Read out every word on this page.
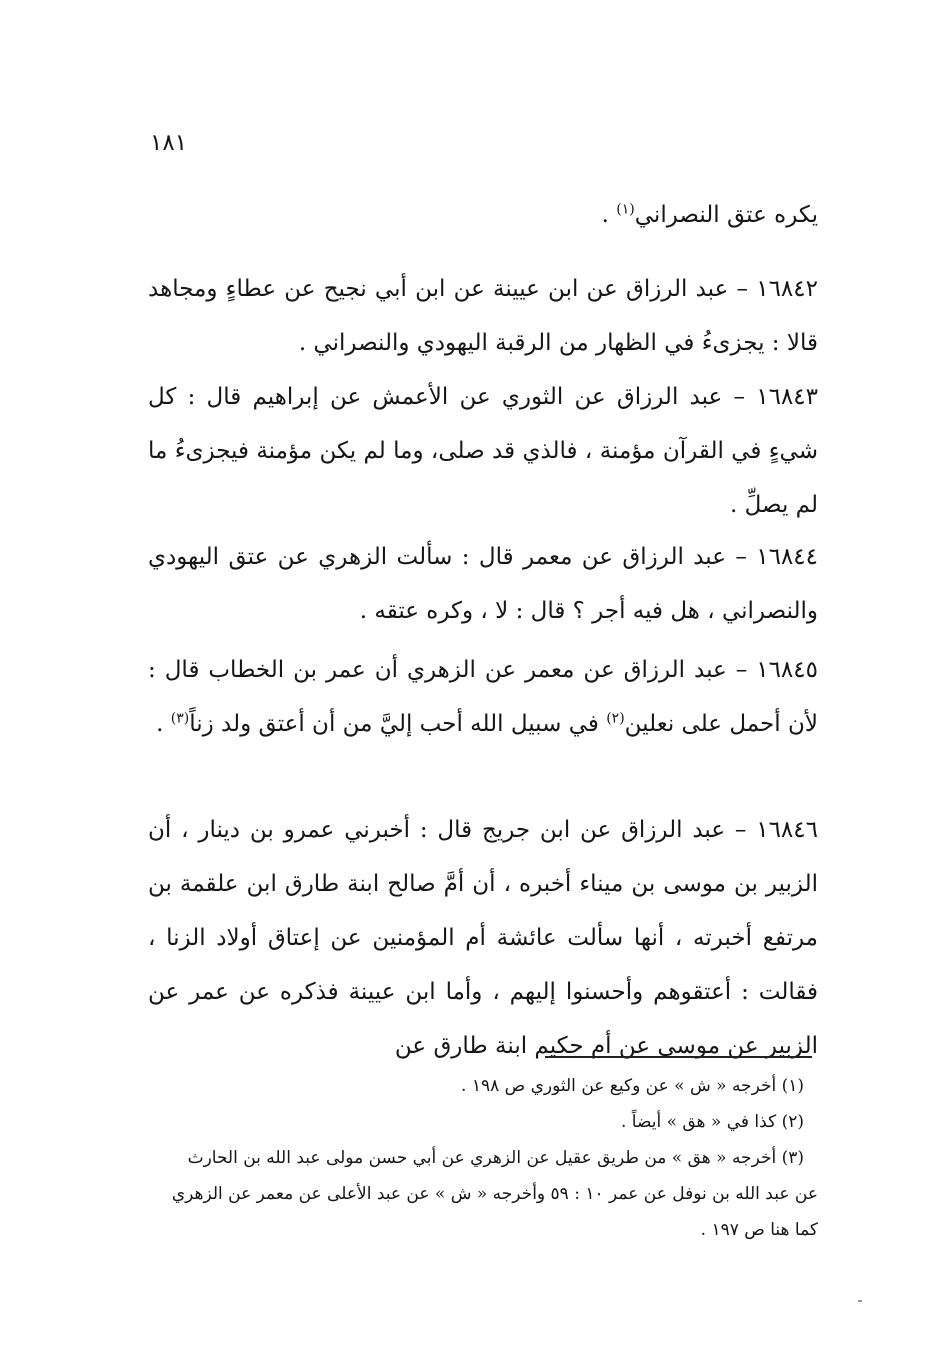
١٨١

يكره عتق النصراني$^{(١)}$ .

١٦٨٤٢ – عبد الرزاق عن ابن عيينة عن ابن أبي نجيح عن عطاءٍ ومجاهد قالا : يجزىءُ في الظهار من الرقبة اليهودي والنصراني .

١٦٨٤٣ – عبد الرزاق عن الثوري عن الأعمش عن إبراهيم قال : كل شيءٍ في القرآن مؤمنة ، فالذي قد صلى، وما لم يكن مؤمنة فيجزىءُ ما لم يصلِّ .

١٦٨٤٤ – عبد الرزاق عن معمر قال : سألت الزهري عن عتق اليهودي والنصراني ، هل فيه أجر ؟ قال : لا ، وكره عتقه .

١٦٨٤٥ – عبد الرزاق عن معمر عن الزهري أن عمر بن الخطاب قال : لأن أحمل على نعلين$^{(٢)}$ في سبيل الله أحب إليَّ من أن أعتق ولد زناً$^{(٣)}$ .

١٦٨٤٦ – عبد الرزاق عن ابن جريج قال : أخبرني عمرو بن دينار ، أن الزبير بن موسى بن ميناء أخبره ، أن أمَّ صالح ابنة طارق ابن علقمة بن مرتفع أخبرته ، أنها سألت عائشة أم المؤمنين عن إعتاق أولاد الزنا ، فقالت : أعتقوهم وأحسنوا إليهم ، وأما ابن عيينة فذكره عن عمر عن الزبير عن موسى عن أم حكيم ابنة طارق عن

(١) أخرجه « ش » عن وكيع عن الثوري ص ١٩٨ .

(٢) كذا في « هق » أيضاً .

(٣) أخرجه « هق » من طريق عقيل عن الزهري عن أبي حسن مولى عبد الله بن الحارث

عن عبد الله بن نوفل عن عمر ١٠ : ٥٩ وأخرجه « ش » عن عبد الأعلى عن معمر عن الزهري

كما هنا ص ١٩٧ .
